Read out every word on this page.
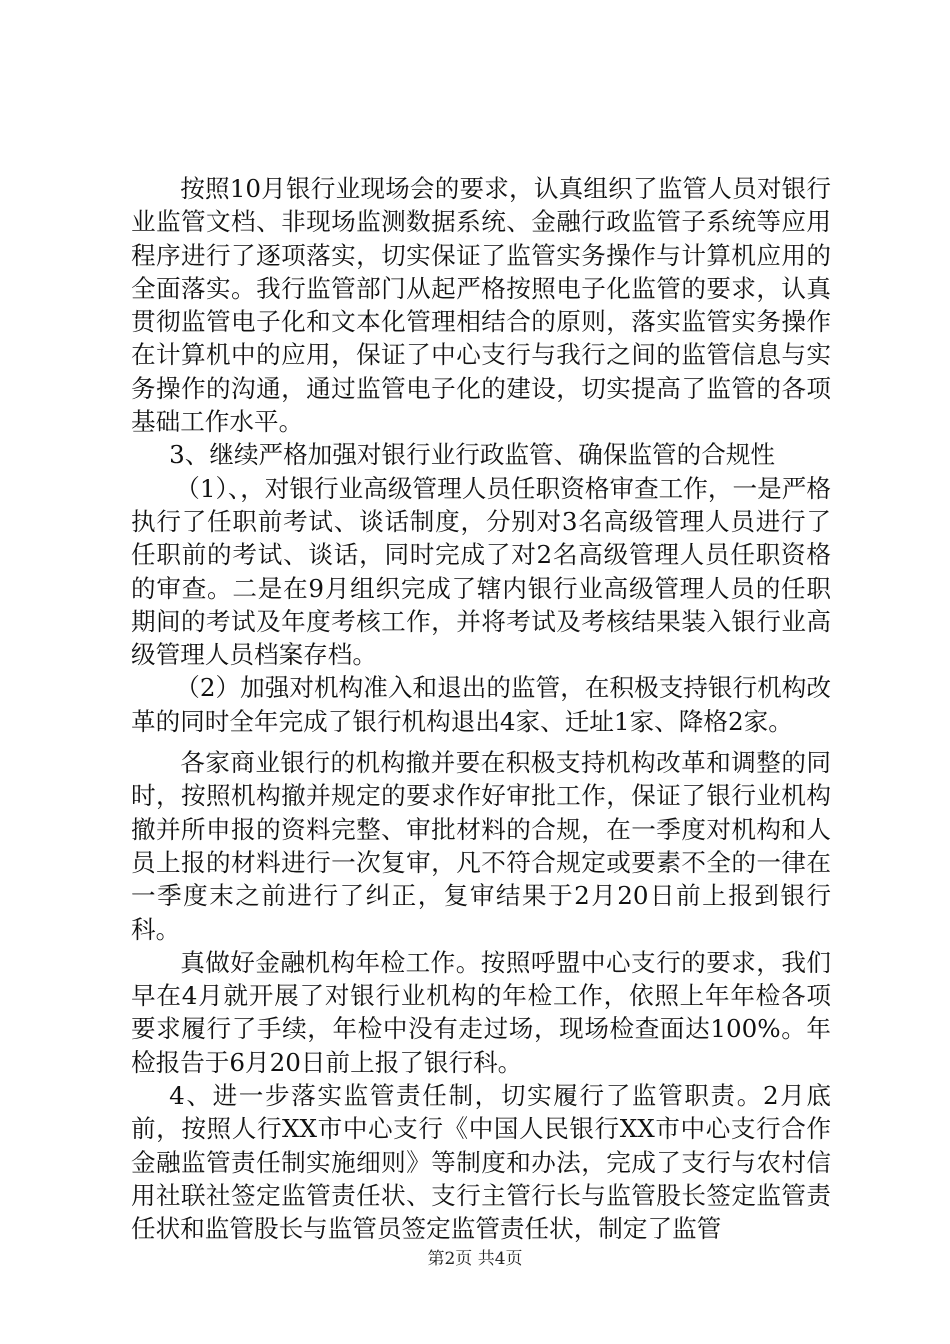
按照10月银行业现场会的要求，认真组织了监管人员对银行业监管文档、非现场监测数据系统、金融行政监管子系统等应用程序进行了逐项落实，切实保证了监管实务操作与计算机应用的全面落实。我行监管部门从起严格按照电子化监管的要求，认真贯彻监管电子化和文本化管理相结合的原则，落实监管实务操作在计算机中的应用，保证了中心支行与我行之间的监管信息与实务操作的沟通，通过监管电子化的建设，切实提高了监管的各项基础工作水平。

3、继续严格加强对银行业行政监管、确保监管的合规性

（1）、，对银行业高级管理人员任职资格审查工作，一是严格执行了任职前考试、谈话制度，分别对3名高级管理人员进行了任职前的考试、谈话，同时完成了对2名高级管理人员任职资格的审查。二是在9月组织完成了辖内银行业高级管理人员的任职期间的考试及年度考核工作，并将考试及考核结果装入银行业高级管理人员档案存档。

（2）加强对机构准入和退出的监管，在积极支持银行机构改革的同时全年完成了银行机构退出4家、迁址1家、降格2家。

各家商业银行的机构撤并要在积极支持机构改革和调整的同时，按照机构撤并规定的要求作好审批工作，保证了银行业机构撤并所申报的资料完整、审批材料的合规，在一季度对机构和人员上报的材料进行一次复审，凡不符合规定或要素不全的一律在一季度末之前进行了纠正，复审结果于2月20日前上报到银行科。

真做好金融机构年检工作。按照呼盟中心支行的要求，我们早在4月就开展了对银行业机构的年检工作，依照上年年检各项要求履行了手续，年检中没有走过场，现场检查面达100%。年检报告于6月20日前上报了银行科。

4、进一步落实监管责任制，切实履行了监管职责。2月底前，按照人行XX市中心支行《中国人民银行XX市中心支行合作金融监管责任制实施细则》等制度和办法，完成了支行与农村信用社联社签定监管责任状、支行主管行长与监管股长签定监管责任状和监管股长与监管员签定监管责任状，制定了监管

第2页 共4页
